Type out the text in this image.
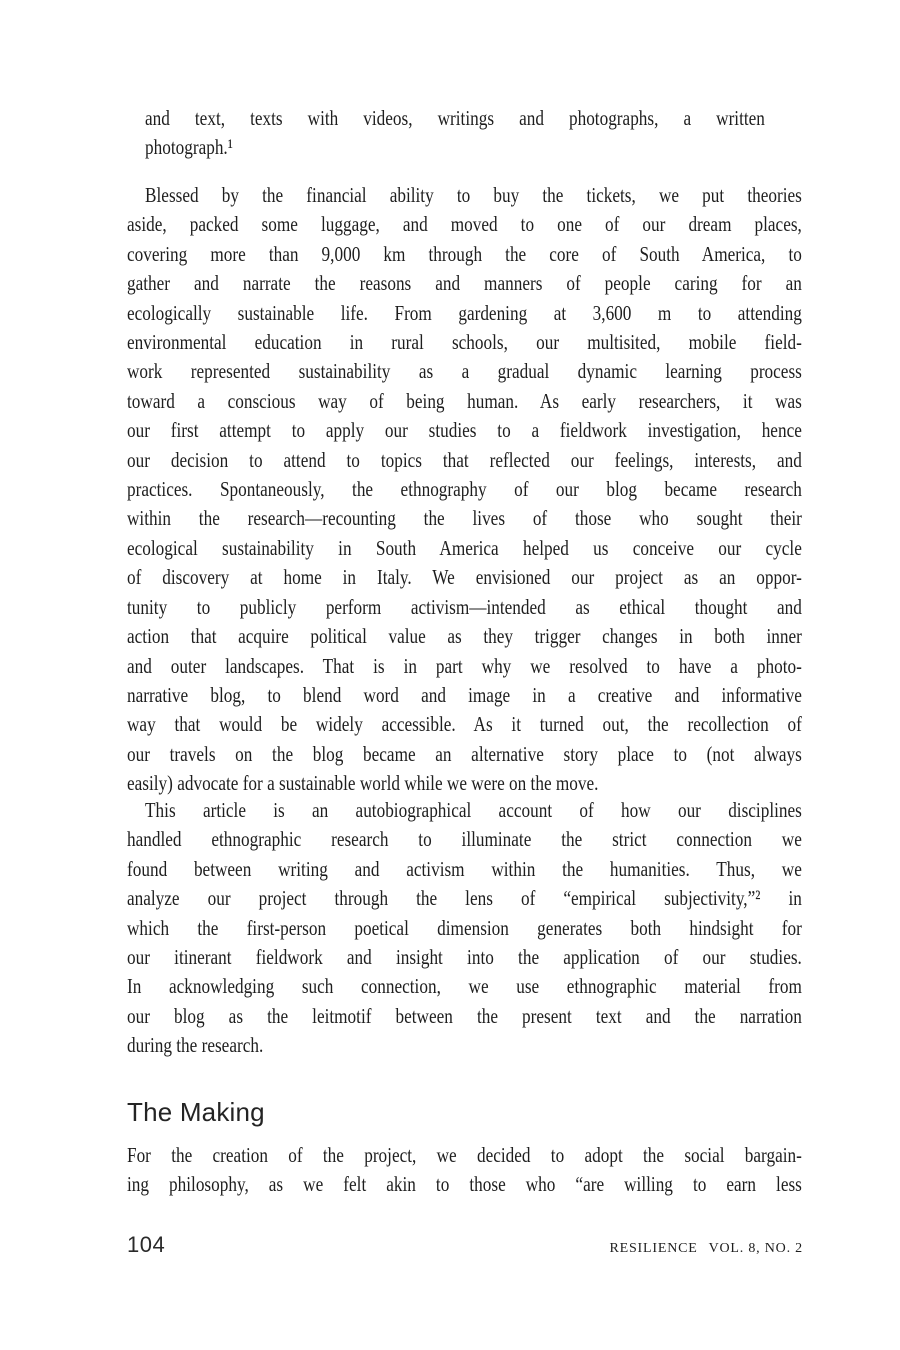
and text, texts with videos, writings and photographs, a written
photograph.¹
Blessed by the financial ability to buy the tickets, we put theories
aside, packed some luggage, and moved to one of our dream places,
covering more than 9,000 km through the core of South America, to
gather and narrate the reasons and manners of people caring for an
ecologically sustainable life. From gardening at 3,600 m to attending
environmental education in rural schools, our multisited, mobile field-
work represented sustainability as a gradual dynamic learning process
toward a conscious way of being human. As early researchers, it was
our first attempt to apply our studies to a fieldwork investigation, hence
our decision to attend to topics that reflected our feelings, interests, and
practices. Spontaneously, the ethnography of our blog became research
within the research—recounting the lives of those who sought their
ecological sustainability in South America helped us conceive our cycle
of discovery at home in Italy. We envisioned our project as an oppor-
tunity to publicly perform activism—intended as ethical thought and
action that acquire political value as they trigger changes in both inner
and outer landscapes. That is in part why we resolved to have a photo-
narrative blog, to blend word and image in a creative and informative
way that would be widely accessible. As it turned out, the recollection of
our travels on the blog became an alternative story place to (not always
easily) advocate for a sustainable world while we were on the move.
This article is an autobiographical account of how our disciplines
handled ethnographic research to illuminate the strict connection we
found between writing and activism within the humanities. Thus, we
analyze our project through the lens of “empirical subjectivity,”² in
which the first-person poetical dimension generates both hindsight for
our itinerant fieldwork and insight into the application of our studies.
In acknowledging such connection, we use ethnographic material from
our blog as the leitmotif between the present text and the narration
during the research.
The Making
For the creation of the project, we decided to adopt the social bargain-
ing philosophy, as we felt akin to those who “are willing to earn less
104	RESILIENCE VOL. 8, NO. 2
